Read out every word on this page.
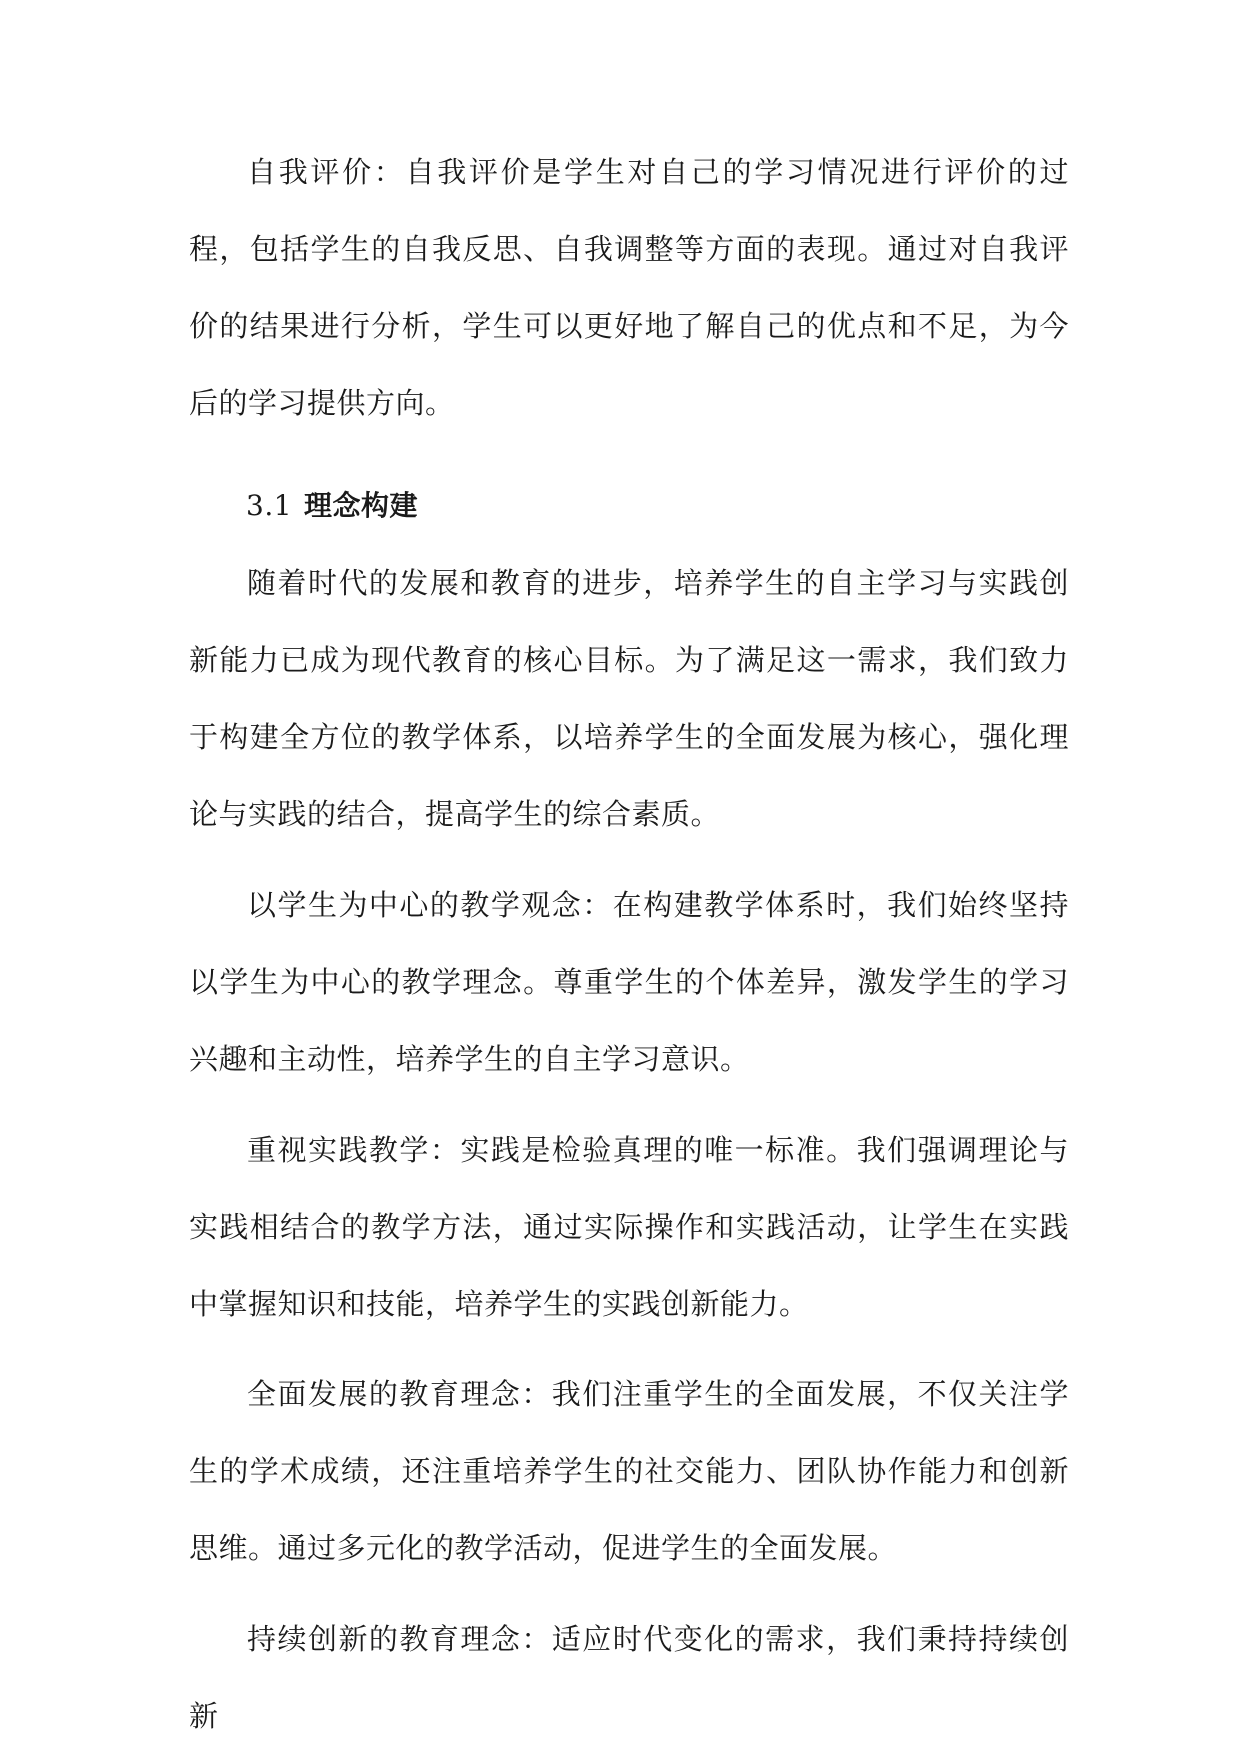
自我评价：自我评价是学生对自己的学习情况进行评价的过程，包括学生的自我反思、自我调整等方面的表现。通过对自我评价的结果进行分析，学生可以更好地了解自己的优点和不足，为今后的学习提供方向。

3.1 理念构建

随着时代的发展和教育的进步，培养学生的自主学习与实践创新能力已成为现代教育的核心目标。为了满足这一需求，我们致力于构建全方位的教学体系，以培养学生的全面发展为核心，强化理论与实践的结合，提高学生的综合素质。

以学生为中心的教学观念：在构建教学体系时，我们始终坚持以学生为中心的教学理念。尊重学生的个体差异，激发学生的学习兴趣和主动性，培养学生的自主学习意识。

重视实践教学：实践是检验真理的唯一标准。我们强调理论与实践相结合的教学方法，通过实际操作和实践活动，让学生在实践中掌握知识和技能，培养学生的实践创新能力。

全面发展的教育理念：我们注重学生的全面发展，不仅关注学生的学术成绩，还注重培养学生的社交能力、团队协作能力和创新思维。通过多元化的教学活动，促进学生的全面发展。

持续创新的教育理念：适应时代变化的需求，我们秉持持续创新
